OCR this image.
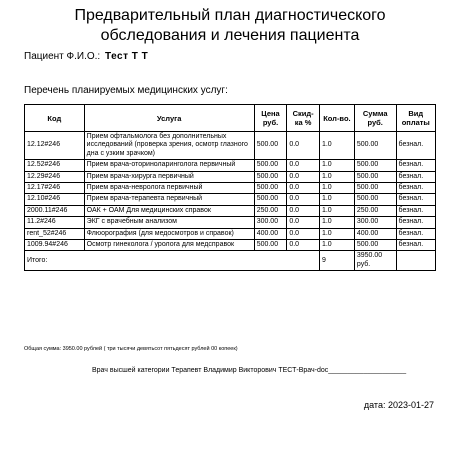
Предварительный план диагностического
обследования и лечения пациента
Пациент Ф.И.О.: Тест Т Т
Перечень планируемых медицинских услуг:
Код	Услуга	Цена руб.	Скид-ка %	Кол-во.	Сумма руб.	Вид оплаты
12.12#246	Прием офтальмолога без дополнительных исследований (проверка зрения, осмотр глазного дна с узким зрачком)	500.00	0.0	1.0	500.00	безнал.
12.52#246	Прием врача-оториноларинголога первичный	500.00	0.0	1.0	500.00	безнал.
12.29#246	Прием врача-хирурга первичный	500.00	0.0	1.0	500.00	безнал.
12.17#246	Прием врача-невролога первичный	500.00	0.0	1.0	500.00	безнал.
12.10#246	Прием врача-терапевта первичный	500.00	0.0	1.0	500.00	безнал.
2000.11#246	ОАК + ОАМ Для медицинских справок	250.00	0.0	1.0	250.00	безнал.
11.2#246	ЭКГ с врачебным анализом	300.00	0.0	1.0	300.00	безнал.
rent_52#246	Флюорография (для медосмотров и справок)	400.00	0.0	1.0	400.00	безнал.
1009.94#246	Осмотр гинеколога / уролога для медсправок	500.00	0.0	1.0	500.00	безнал.
Итого:				9	3950.00 руб.	
Общая сумма: 3950.00 рублей ( три тысячи девятьсот пятьдесят рублей 00 копеек)
Врач высшей категории Терапевт Владимир Викторович ТЕСТ-Врач-doc____________________
дата: 2023-01-27
